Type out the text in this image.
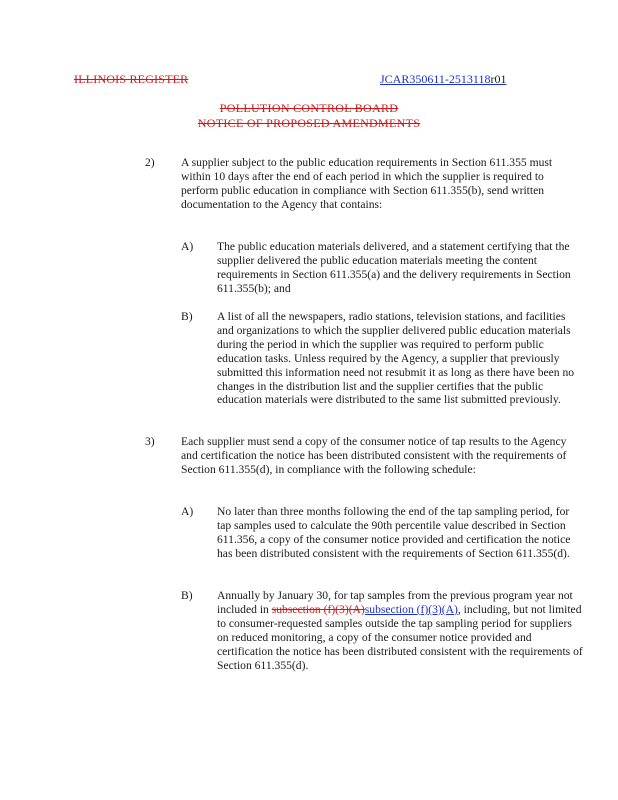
ILLINOIS REGISTER	JCAR350611-2513118r01
POLLUTION CONTROL BOARD
NOTICE OF PROPOSED AMENDMENTS
2) A supplier subject to the public education requirements in Section 611.355 must within 10 days after the end of each period in which the supplier is required to perform public education in compliance with Section 611.355(b), send written documentation to the Agency that contains:
A) The public education materials delivered, and a statement certifying that the supplier delivered the public education materials meeting the content requirements in Section 611.355(a) and the delivery requirements in Section 611.355(b); and
B) A list of all the newspapers, radio stations, television stations, and facilities and organizations to which the supplier delivered public education materials during the period in which the supplier was required to perform public education tasks. Unless required by the Agency, a supplier that previously submitted this information need not resubmit it as long as there have been no changes in the distribution list and the supplier certifies that the public education materials were distributed to the same list submitted previously.
3) Each supplier must send a copy of the consumer notice of tap results to the Agency and certification the notice has been distributed consistent with the requirements of Section 611.355(d), in compliance with the following schedule:
A) No later than three months following the end of the tap sampling period, for tap samples used to calculate the 90th percentile value described in Section 611.356, a copy of the consumer notice provided and certification the notice has been distributed consistent with the requirements of Section 611.355(d).
B) Annually by January 30, for tap samples from the previous program year not included in subsection (f)(3)(A)subsection (f)(3)(A), including, but not limited to consumer-requested samples outside the tap sampling period for suppliers on reduced monitoring, a copy of the consumer notice provided and certification the notice has been distributed consistent with the requirements of Section 611.355(d).
